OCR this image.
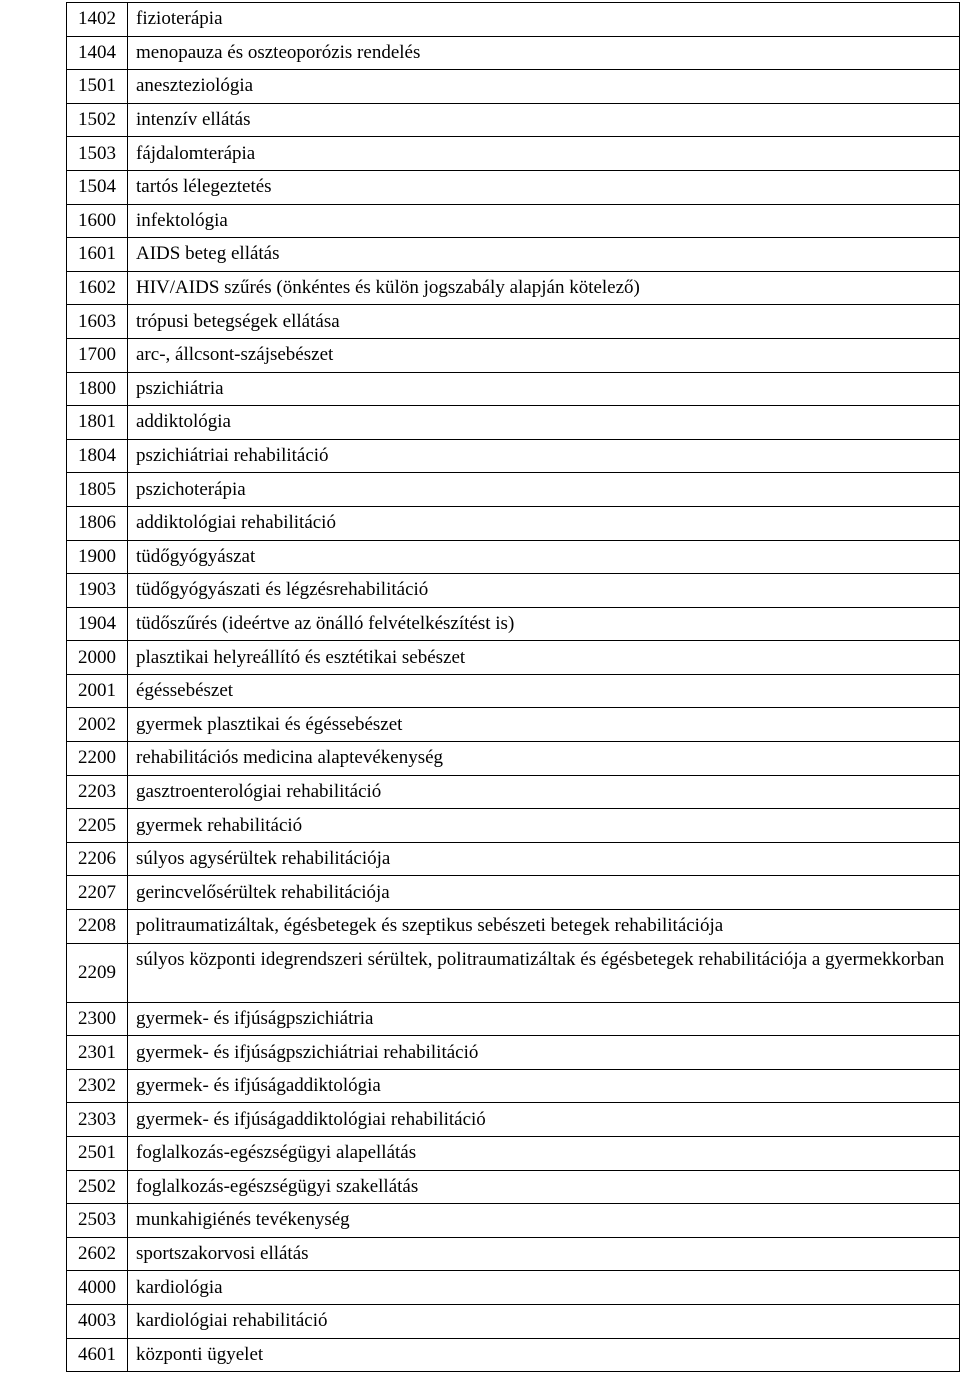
1402	fizioterápia
1404	menopauza és oszteoporózis rendelés
1501	aneszteziológia
1502	intenzív ellátás
1503	fájdalomterápia
1504	tartós lélegeztetés
1600	infektológia
1601	AIDS beteg ellátás
1602	HIV/AIDS szűrés (önkéntes és külön jogszabály alapján kötelező)
1603	trópusi betegségek ellátása
1700	arc-, állcsont-szájsebészet
1800	pszichiátria
1801	addiktológia
1804	pszichiátriai rehabilitáció
1805	pszichoterápia
1806	addiktológiai rehabilitáció
1900	tüdőgyógyászat
1903	tüdőgyógyászati és légzésrehabilitáció
1904	tüdőszűrés (ideértve az önálló felvételkészítést is)
2000	plasztikai helyreállító és esztétikai sebészet
2001	égéssebészet
2002	gyermek plasztikai és égéssebészet
2200	rehabilitációs medicina alaptevékenység
2203	gasztroenterológiai rehabilitáció
2205	gyermek rehabilitáció
2206	súlyos agysérültek rehabilitációja
2207	gerincvelősérültek rehabilitációja
2208	politraumatizáltak, égésbetegek és szeptikus sebészeti betegek rehabilitációja
2209	súlyos központi idegrendszeri sérültek, politraumatizáltak és égésbetegek rehabilitációja a gyermekkorban
2300	gyermek- és ifjúságpszichiátria
2301	gyermek- és ifjúságpszichiátriai rehabilitáció
2302	gyermek- és ifjúságaddiktológia
2303	gyermek- és ifjúságaddiktológiai rehabilitáció
2501	foglalkozás-egészségügyi alapellátás
2502	foglalkozás-egészségügyi szakellátás
2503	munkahigiénés tevékenység
2602	sportszakorvosi ellátás
4000	kardiológia
4003	kardiológiai rehabilitáció
4601	központi ügyelet
